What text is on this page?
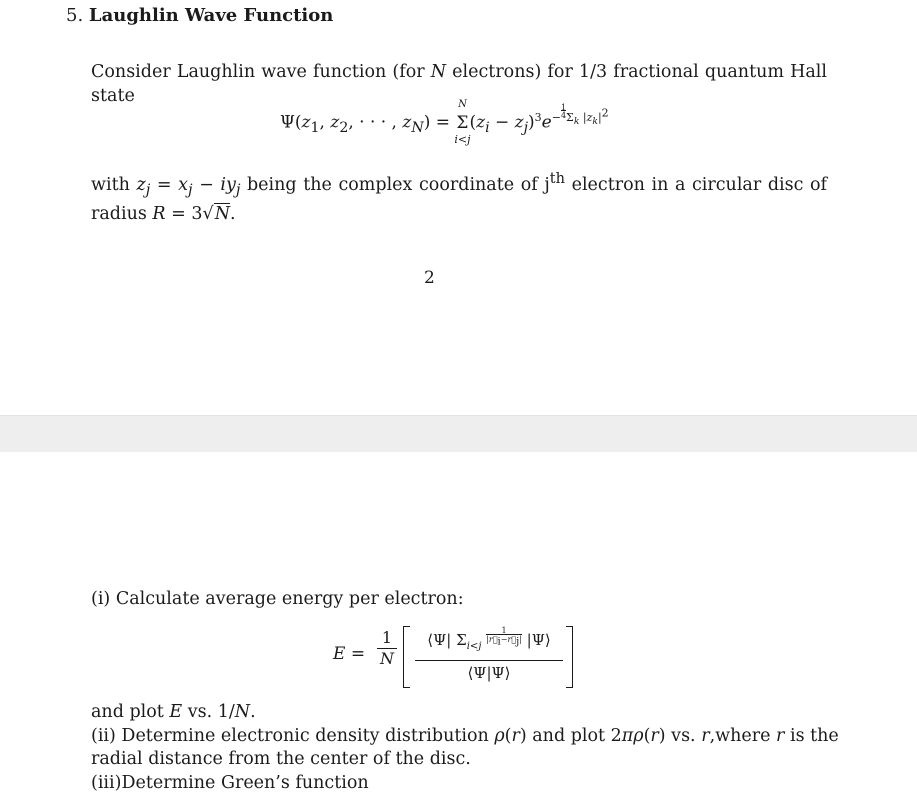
5. Laughlin Wave Function
Consider Laughlin wave function (for N electrons) for 1/3 fractional quantum Hall state
$\Psi(z_1$, $z_2$, · · · , $z_N) = \Sigma$
N
i<j
$(z_i - z_j)^3e^{-\frac{1}{4}\Sigma_k |z_k|^2}$
with $z_j = x_j - iy_j$ being the complex coordinate of $j^{th}$ electron in a circular disc of radius R = 3√N.
2
(i) Calculate average energy per electron:
$E = \frac{1}{N}$	⟨Ψ| $\Sigma_{i<j} \frac{1}{|r⃗_i-r⃗_j|}$ |Ψ⟩
⟨Ψ|Ψ⟩
and plot E vs. 1/N.
(ii) Determine electronic density distribution ρ(r) and plot 2πρ(r) vs. r,where r is the
radial distance from the center of the disc.
(iii)Determine Green’s function
